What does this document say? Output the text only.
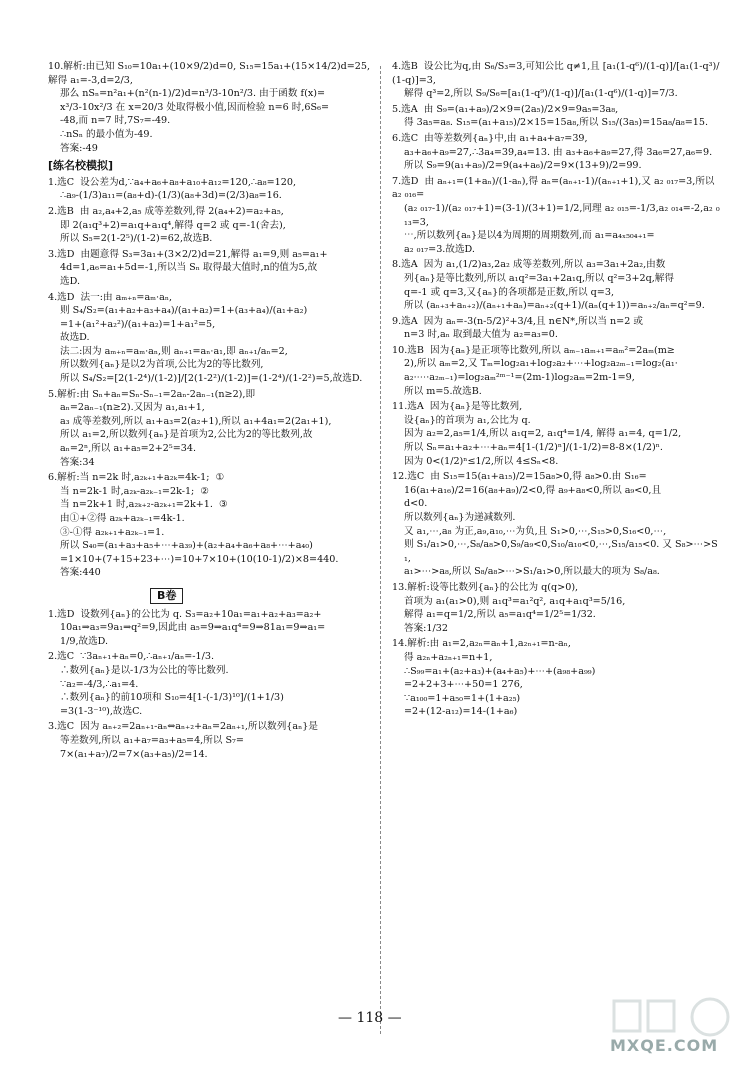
10.解析:由已知 S₁₀=10a₁+(10×9/2)d=0, S₁₅=15a₁+(15×14/2)d=25, 解得 a₁=-3,d=2/3,
那么 nSₙ=n²a₁+(n²(n-1)/2)d=n³/3-10n²/3. 由于函数 f(x)=
x³/3-10x²/3 在 x=20/3 处取得极小值,因而检验 n=6 时,6S₆=
-48,而 n=7 时,7S₇=-49.
∴nSₙ 的最小值为-49.
答案:-49
[练名校模拟]
1.选C  设公差为d,∵a₄+a₆+a₈+a₁₀+a₁₂=120,∴a₈=120,
∴a₉-(1/3)a₁₁=(a₈+d)-(1/3)(a₈+3d)=(2/3)a₈=16.
2.选B  由 a₂,a₄+2,a₅ 成等差数列,得 2(a₄+2)=a₂+a₅,
即 2(a₁q³+2)=a₁q+a₁q⁴,解得 q=2 或 q=-1(舍去),
所以 S₅=2(1-2⁵)/(1-2)=62,故选B.
3.选D  由题意得 S₃=3a₁+(3×2/2)d=21,解得 a₁=9,则 a₅=a₁+
4d=1,a₆=a₁+5d=-1,所以当 Sₙ 取得最大值时,n的值为5,故
选D.
4.选D  法一:由 aₘ₊ₙ=aₘ·aₙ,
则 S₄/S₂=(a₁+a₂+a₃+a₄)/(a₁+a₂)=1+(a₃+a₄)/(a₁+a₂)
=1+(a₁²+a₂²)/(a₁+a₂)=1+a₁²=5,
故选D.
法二:因为 aₘ₊ₙ=aₘ·aₙ,则 aₙ₊₁=aₙ·a₁,即 aₙ₊₁/aₙ=2,
所以数列{aₙ}是以2为首项,公比为2的等比数列,
所以 S₄/S₂=[2(1-2⁴)/(1-2)]/[2(1-2²)/(1-2)]=(1-2⁴)/(1-2²)=5,故选D.
5.解析:由 Sₙ+aₙ=Sₙ-Sₙ₋₁=2aₙ-2aₙ₋₁(n≥2),即
aₙ=2aₙ₋₁(n≥2).又因为 a₁,a₁+1,
a₃ 成等差数列,所以 a₁+a₃=2(a₂+1),所以 a₁+4a₁=2(2a₁+1),
所以 a₁=2,所以数列{aₙ}是首项为2,公比为2的等比数列,故
aₙ=2ⁿ,所以 a₁+a₅=2+2⁵=34.
答案:34
6.解析:当 n=2k 时,a₂ₖ₊₁+a₂ₖ=4k-1;  ①
当 n=2k-1 时,a₂ₖ-a₂ₖ₋₁=2k-1;  ②
当 n=2k+1 时,a₂ₖ₊₂-a₂ₖ₊₁=2k+1.  ③
由①+②得 a₂ₖ+a₂ₖ₋₁=4k-1.
③-①得 a₂ₖ₊₁+a₂ₖ₋₁=1.
所以 S₄₀=(a₁+a₃+a₅+⋯+a₃₉)+(a₂+a₄+a₆+a₈+⋯+a₄₀)
=1×10+(7+15+23+⋯)=10+7×10+(10(10-1)/2)×8=440.
答案:440
B卷
1.选D  设数列{aₙ}的公比为 q. S₃=a₂+10a₁=a₁+a₂+a₃=a₂+
10a₁⇒a₃=9a₁⇒q²=9,因此由 a₅=9⇒a₁q⁴=9⇒81a₁=9⇒a₁=
1/9,故选D.
2.选C  ∵3aₙ₊₁+aₙ=0,∴aₙ₊₁/aₙ=-1/3.
∴数列{aₙ}是以-1/3为公比的等比数列.
∵a₂=-4/3,∴a₁=4.
∴数列{aₙ}的前10项和 S₁₀=4[1-(-1/3)¹⁰]/(1+1/3)
=3(1-3⁻¹⁰),故选C.
3.选C  因为 aₙ₊₂=2aₙ₊₁-aₙ⇔aₙ₊₂+aₙ=2aₙ₊₁,所以数列{aₙ}是
等差数列,所以 a₁+a₇=a₃+a₅=4,所以 S₇=
7×(a₁+a₇)/2=7×(a₃+a₅)/2=14.
4.选B  设公比为q,由 S₆/S₃=3,可知公比 q≠1,且 [a₁(1-q⁶)/(1-q)]/[a₁(1-q³)/(1-q)]=3,
解得 q³=2,所以 S₉/S₆=[a₁(1-q⁹)/(1-q)]/[a₁(1-q⁶)/(1-q)]=7/3.
5.选A  由 S₉=(a₁+a₉)/2×9=(2a₅)/2×9=9a₅=3a₈,
得 3a₅=a₈. S₁₅=(a₁+a₁₅)/2×15=15a₈,所以 S₁₅/(3a₅)=15a₈/a₈=15.
6.选C  由等差数列{aₙ}中,由 a₁+a₄+a₇=39,
a₃+a₆+a₉=27,∴3a₄=39,a₄=13. 由 a₃+a₆+a₉=27,得 3a₆=27,a₆=9.
所以 S₉=9(a₁+a₉)/2=9(a₄+a₆)/2=9×(13+9)/2=99.
7.选D  由 aₙ₊₁=(1+aₙ)/(1-aₙ),得 aₙ=(aₙ₊₁-1)/(aₙ₊₁+1),又 a₂ ₀₁₇=3,所以 a₂ ₀₁₆=
(a₂ ₀₁₇-1)/(a₂ ₀₁₇+1)=(3-1)/(3+1)=1/2,同理 a₂ ₀₁₅=-1/3,a₂ ₀₁₄=-2,a₂ ₀₁₃=3,
⋯,所以数列{aₙ}是以4为周期的周期数列,而 a₁=a₄ₓ₅₀₄₊₁=
a₂ ₀₁₇=3.故选D.
8.选A  因为 a₁,(1/2)a₃,2a₂ 成等差数列,所以 a₃=3a₁+2a₂,由数
列{aₙ}是等比数列,所以 a₁q²=3a₁+2a₁q,所以 q²=3+2q,解得
q=-1 或 q=3,又{aₙ}的各项都是正数,所以 q=3,
所以 (aₙ₊₃+aₙ₊₂)/(aₙ₊₁+aₙ)=aₙ₊₂(q+1)/(aₙ(q+1))=aₙ₊₂/aₙ=q²=9.
9.选A  因为 aₙ=-3(n-5/2)²+3/4,且 n∈N*,所以当 n=2 或
n=3 时,aₙ 取到最大值为 a₂=a₃=0.
10.选B  因为{aₙ}是正项等比数列,所以 aₘ₋₁aₘ₊₁=aₘ²=2aₘ(m≥
2),所以 aₘ=2,又 Tₘ=log₂a₁+log₂a₂+⋯+log₂a₂ₘ₋₁=log₂(a₁·
a₂·⋯·a₂ₘ₋₁)=log₂aₘ²ᵐ⁻¹=(2m-1)log₂aₘ=2m-1=9,
所以 m=5.故选B.
11.选A  因为{aₙ}是等比数列,
设{aₙ}的首项为 a₁,公比为 q.
因为 a₂=2,a₅=1/4,所以 a₁q=2, a₁q⁴=1/4, 解得 a₁=4, q=1/2,
所以 Sₙ=a₁+a₂+⋯+aₙ=4[1-(1/2)ⁿ]/(1-1/2)=8-8×(1/2)ⁿ.
因为 0<(1/2)ⁿ≤1/2,所以 4≤Sₙ<8.
12.选C  由 S₁₅=15(a₁+a₁₅)/2=15a₈>0,得 a₈>0.由 S₁₆=
16(a₁+a₁₆)/2=16(a₈+a₉)/2<0,得 a₉+a₈<0,所以 a₉<0,且
d<0.
所以数列{aₙ}为递减数列.
又 a₁,⋯,a₈ 为正,a₉,a₁₀,⋯为负,且 S₁>0,⋯,S₁₅>0,S₁₆<0,⋯,
则 S₁/a₁>0,⋯,S₈/a₈>0,S₉/a₉<0,S₁₀/a₁₀<0,⋯,S₁₅/a₁₅<0. 又 S₈>⋯>S₁,
a₁>⋯>a₈,所以 S₈/a₈>⋯>S₁/a₁>0,所以最大的项为 S₈/a₈.
13.解析:设等比数列{aₙ}的公比为 q(q>0),
首项为 a₁(a₁>0),则 a₁q³=a₁²q², a₁q+a₁q³=5/16,
解得 a₁=q=1/2,所以 a₅=a₁q⁴=1/2⁵=1/32.
答案:1/32
14.解析:由 a₁=2,a₂ₙ=aₙ+1,a₂ₙ₊₁=n-aₙ,
得 a₂ₙ+a₂ₙ₊₁=n+1,
∴S₉₉=a₁+(a₂+a₃)+(a₄+a₅)+⋯+(a₉₈+a₉₉)
=2+2+3+⋯+50=1 276,
∵a₁₀₀=1+a₅₀=1+(1+a₂₅)
=2+(12-a₁₂)=14-(1+a₆)
— 118 —
MXQE.COM
